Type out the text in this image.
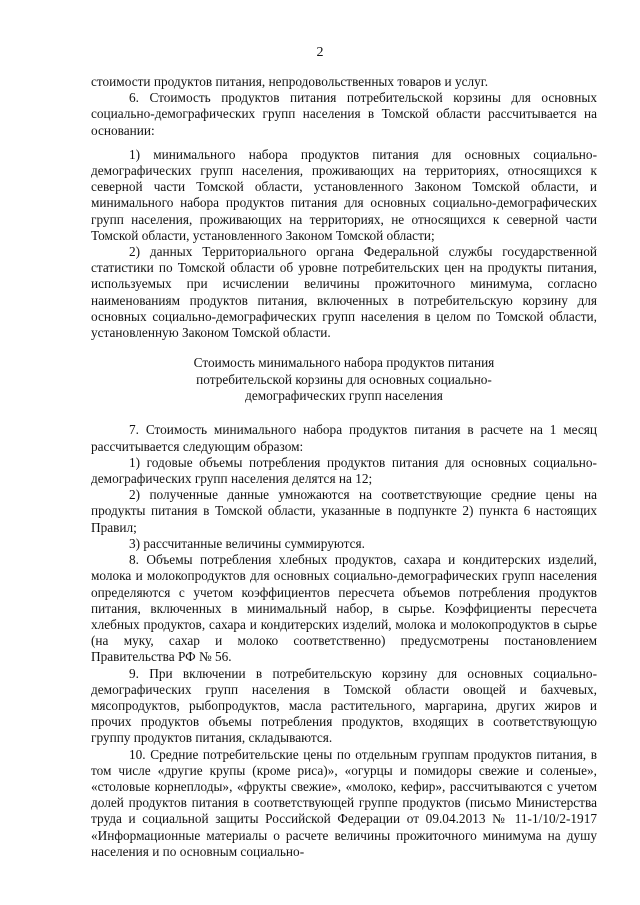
2

стоимости продуктов питания, непродовольственных товаров и услуг.

6. Стоимость продуктов питания потребительской корзины для основных социально-демографических групп населения в Томской области рассчитывается на основании:

1) минимального набора продуктов питания для основных социально-демографических групп населения, проживающих на территориях, относящихся к северной части Томской области, установленного Законом Томской области, и минимального набора продуктов питания для основных социально-демографических групп населения, проживающих на территориях, не относящихся к северной части Томской области, установленного Законом Томской области;

2) данных Территориального органа Федеральной службы государственной статистики по Томской области об уровне потребительских цен на продукты питания, используемых при исчислении величины прожиточного минимума, согласно наименованиям продуктов питания, включенных в потребительскую корзину для основных социально-демографических групп населения в целом по Томской области, установленную Законом Томской области.

Стоимость минимального набора продуктов питания
потребительской корзины для основных социально-
демографических групп населения

7. Стоимость минимального набора продуктов питания в расчете на 1 месяц рассчитывается следующим образом:

1) годовые объемы потребления продуктов питания для основных социально-демографических групп населения делятся на 12;

2) полученные данные умножаются на соответствующие средние цены на продукты питания в Томской области, указанные в подпункте 2) пункта 6 настоящих Правил;

3) рассчитанные величины суммируются.

8. Объемы потребления хлебных продуктов, сахара и кондитерских изделий, молока и молокопродуктов для основных социально-демографических групп населения определяются с учетом коэффициентов пересчета объемов потребления продуктов питания, включенных в минимальный набор, в сырье. Коэффициенты пересчета хлебных продуктов, сахара и кондитерских изделий, молока и молокопродуктов в сырье (на муку, сахар и молоко соответственно) предусмотрены постановлением Правительства РФ № 56.

9. При включении в потребительскую корзину для основных социально-демографических групп населения в Томской области овощей и бахчевых, мясопродуктов, рыбопродуктов, масла растительного, маргарина, других жиров и прочих продуктов объемы потребления продуктов, входящих в соответствующую группу продуктов питания, складываются.

10. Средние потребительские цены по отдельным группам продуктов питания, в том числе «другие крупы (кроме риса)», «огурцы и помидоры свежие и соленые», «столовые корнеплоды», «фрукты свежие», «молоко, кефир», рассчитываются с учетом долей продуктов питания в соответствующей группе продуктов (письмо Министерства труда и социальной защиты Российской Федерации от 09.04.2013 № 11-1/10/2-1917 «Информационные материалы о расчете величины прожиточного минимума на душу населения и по основным социально-
